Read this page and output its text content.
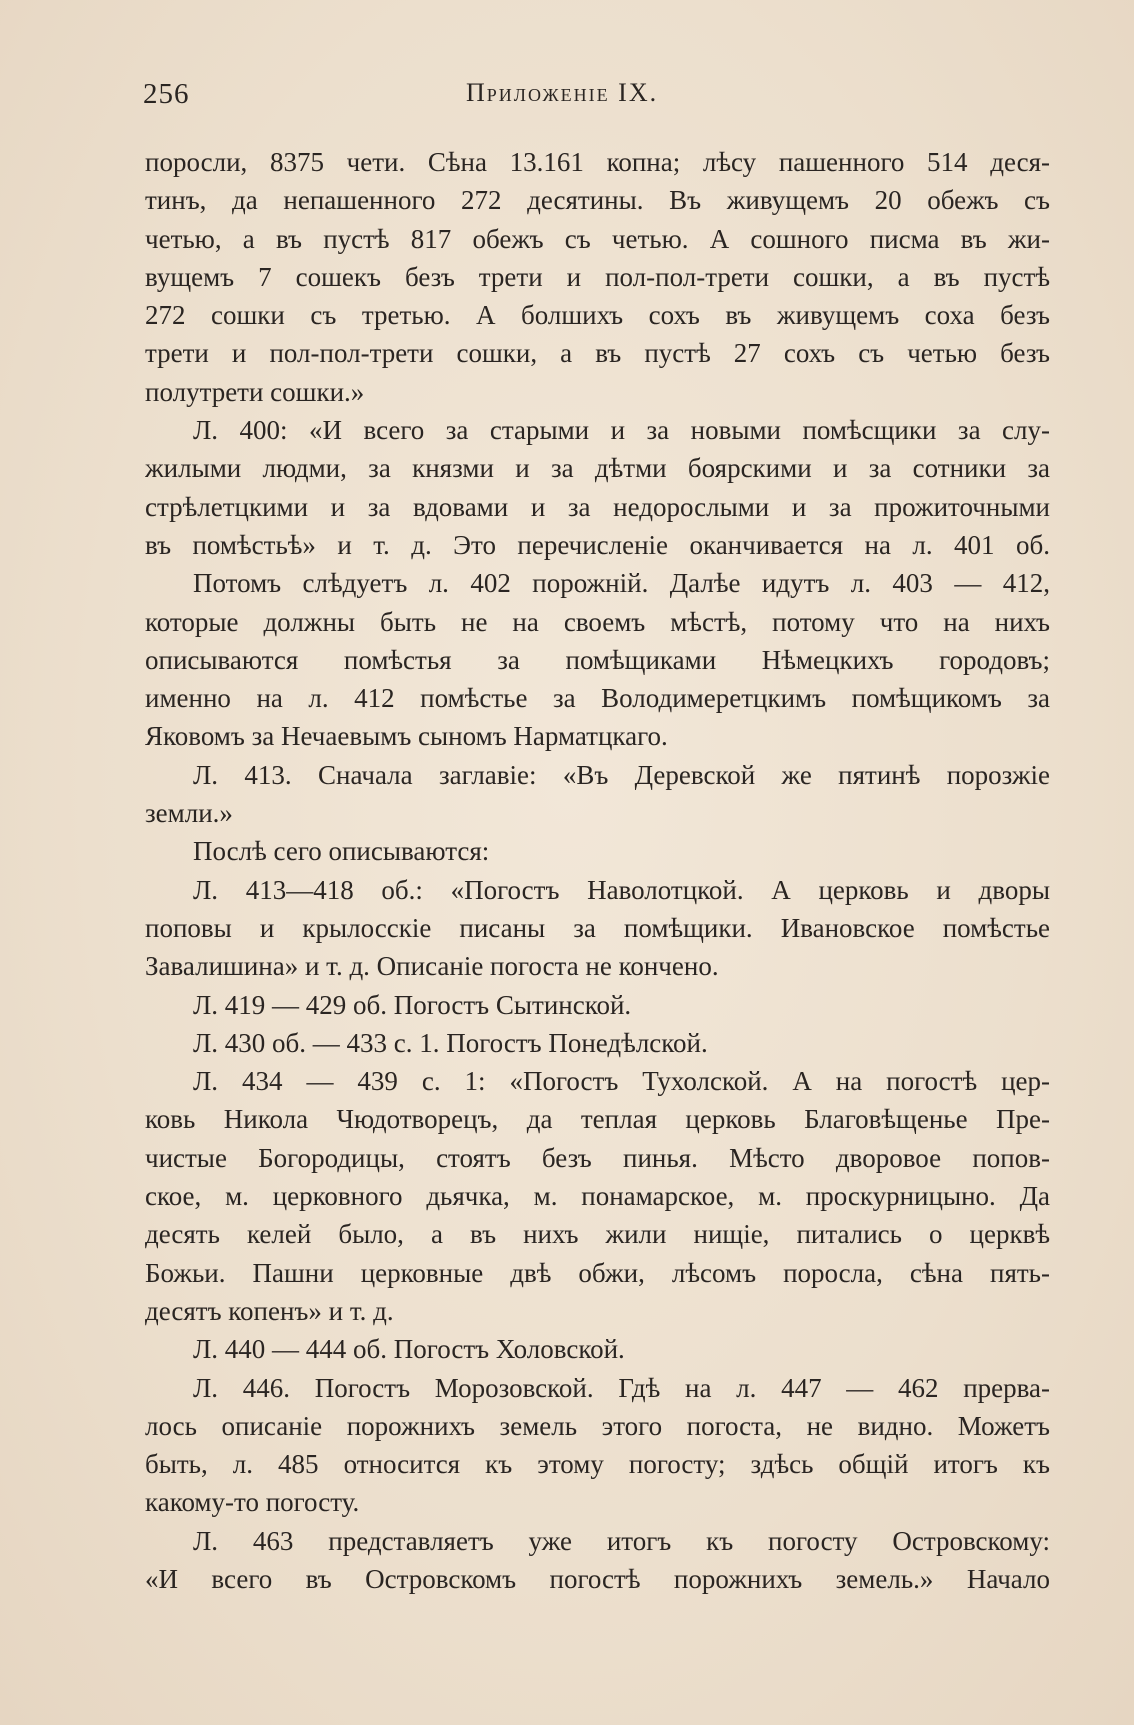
256	Приложеніе IX.
поросли, 8375 чети. Сѣна 13.161 копна; лѣсу пашенного 514 деся-
тинъ, да непашенного 272 десятины. Въ живущемъ 20 обежъ съ
четью, а въ пустѣ 817 обежъ съ четью. А сошного писма въ жи-
вущемъ 7 сошекъ безъ трети и пол-пол-трети сошки, а въ пустѣ
272 сошки съ третью. А болшихъ сохъ въ живущемъ соха безъ
трети и пол-пол-трети сошки, а въ пустѣ 27 сохъ съ четью безъ
полутрети сошки.»
Л. 400: «И всего за старыми и за новыми помѣсщики за слу-
жилыми людми, за князми и за дѣтми боярскими и за сотники за
стрѣлетцкими и за вдовами и за недорослыми и за прожиточными
въ помѣстьѣ» и т. д. Это перечисленіе оканчивается на л. 401 об.
Потомъ слѣдуетъ л. 402 порожній. Далѣе идутъ л. 403 — 412,
которые должны быть не на своемъ мѣстѣ, потому что на нихъ
описываются помѣстья за помѣщиками Нѣмецкихъ городовъ;
именно на л. 412 помѣстье за Володимеретцкимъ помѣщикомъ за
Яковомъ за Нечаевымъ сыномъ Нарматцкаго.
Л. 413. Сначала заглавіе: «Въ Деревской же пятинѣ порозжіе
земли.»
Послѣ сего описываются:
Л. 413—418 об.: «Погостъ Наволотцкой. А церковь и дворы
поповы и крылосскіе писаны за помѣщики. Ивановское помѣстье
Завалишина» и т. д. Описаніе погоста не кончено.
Л. 419 — 429 об. Погостъ Сытинской.
Л. 430 об. — 433 с. 1. Погостъ Понедѣлской.
Л. 434 — 439 с. 1: «Погостъ Тухолской. А на погостѣ цер-
ковь Никола Чюдотворецъ, да теплая церковь Благовѣщенье Пре-
чистые Богородицы, стоятъ безъ пинья. Мѣсто дворовое попов-
ское, м. церковного дьячка, м. понамарское, м. проскурницыно. Да
десять келей было, а въ нихъ жили нищіе, питались о церквѣ
Божьи. Пашни церковные двѣ обжи, лѣсомъ поросла, сѣна пять-
десятъ копенъ» и т. д.
Л. 440 — 444 об. Погостъ Холовской.
Л. 446. Погостъ Морозовской. Гдѣ на л. 447 — 462 прерва-
лось описаніе порожнихъ земель этого погоста, не видно. Можетъ
быть, л. 485 относится къ этому погосту; здѣсь общій итогъ къ
какому-то погосту.
Л. 463 представляетъ уже итогъ къ погосту Островскому:
«И всего въ Островскомъ погостѣ порожнихъ земель.» Начало
